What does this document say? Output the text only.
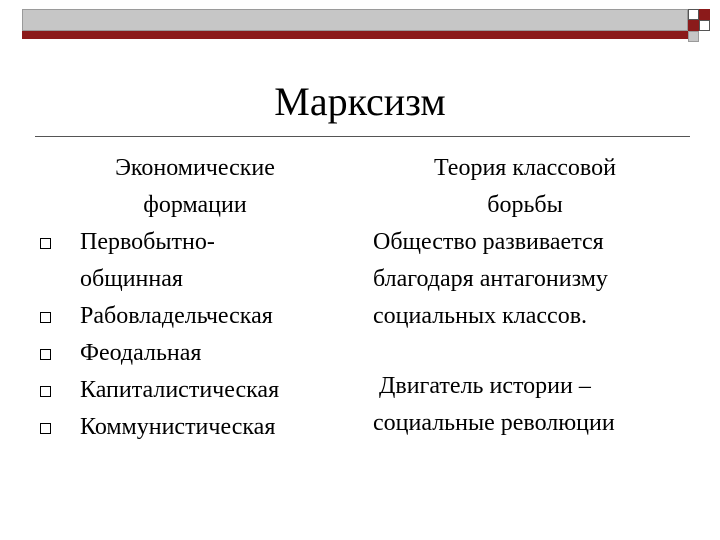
Марксизм
Экономические
формации
Теория классовой
борьбы
Первобытно-
общинная
Рабовладельческая
Феодальная
Капиталистическая
Коммунистическая
Общество развивается
благодаря антагонизму
социальных классов.
Двигатель истории –
социальные революции
